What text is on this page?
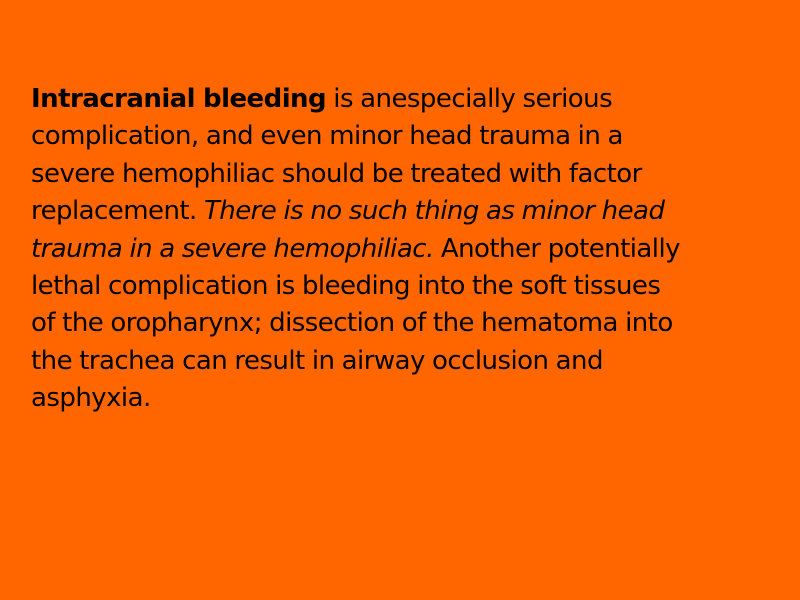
Intracranial bleeding is anespecially serious
complication, and even minor head trauma in a
severe hemophiliac should be treated with factor
replacement. There is no such thing as minor head
trauma in a severe hemophiliac. Another potentially
lethal complication is bleeding into the soft tissues
of the oropharynx; dissection of the hematoma into
the trachea can result in airway occlusion and
asphyxia.
